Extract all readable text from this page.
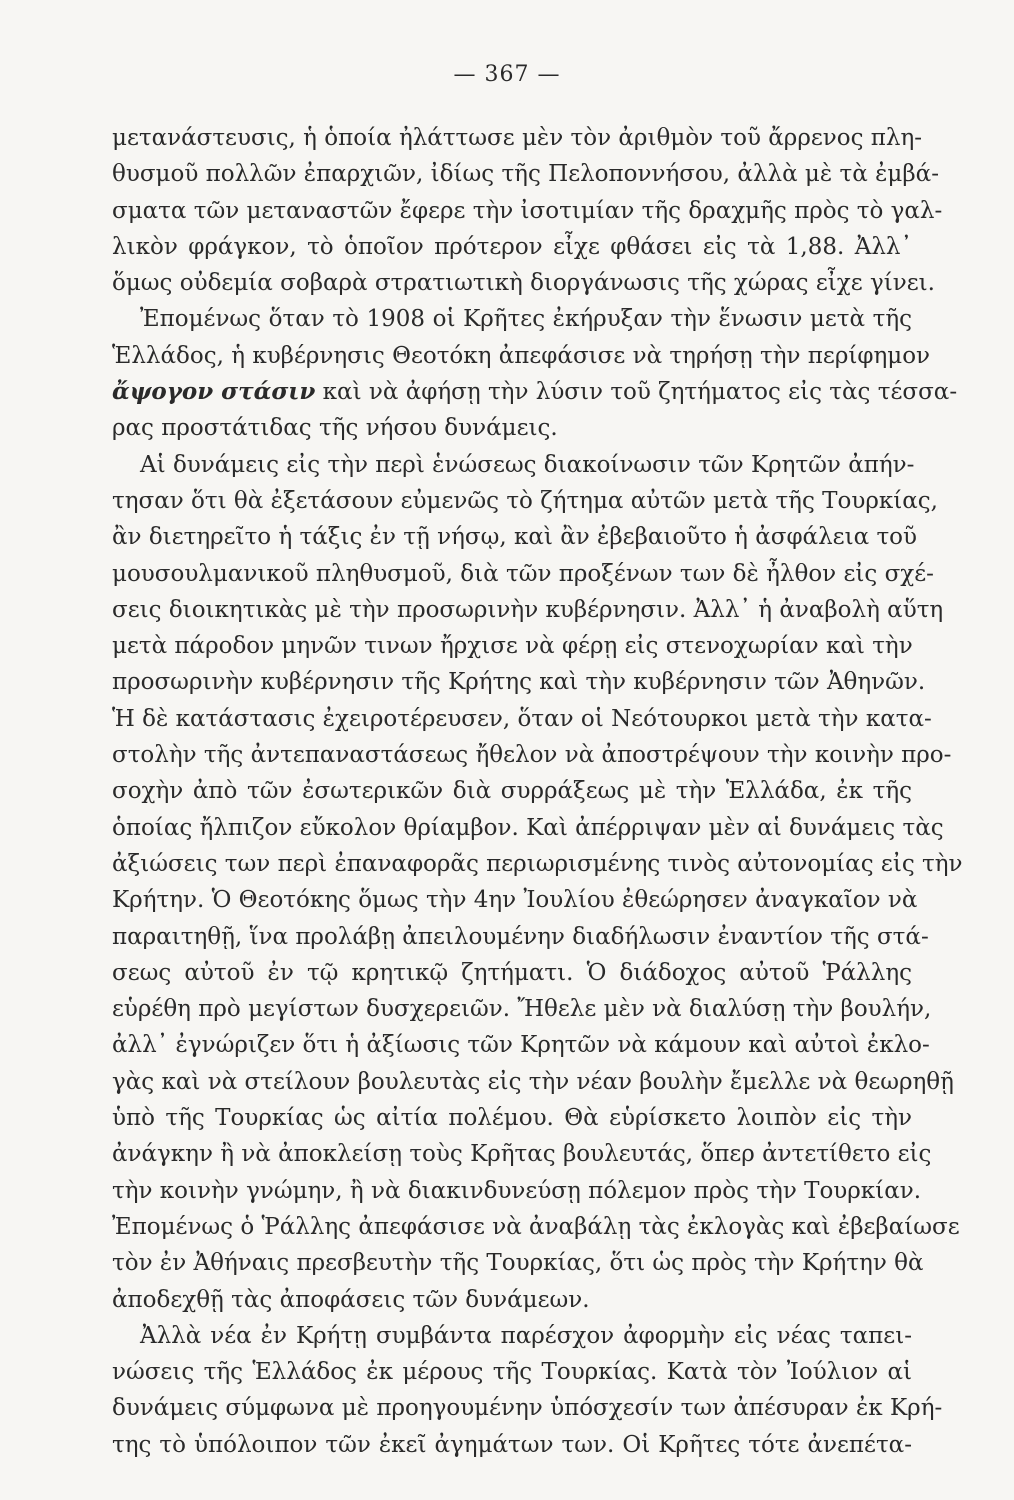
— 367 —
μετανάστευσις, ἡ ὁποία ἠλάττωσε μὲν τὸν ἀριθμὸν τοῦ ἄρρενος πλη-
θυσμοῦ πολλῶν ἐπαρχιῶν, ἰδίως τῆς Πελοποννήσου, ἀλλὰ μὲ τὰ ἐμβά-
σματα τῶν μεταναστῶν ἔφερε τὴν ἰσοτιμίαν τῆς δραχμῆς πρὸς τὸ γαλ-
λικὸν φράγκον, τὸ ὁποῖον πρότερον εἶχε φθάσει εἰς τὰ 1,88. Ἀλλ᾽
ὅμως οὐδεμία σοβαρὰ στρατιωτικὴ διοργάνωσις τῆς χώρας εἶχε γίνει.
Ἐπομένως ὅταν τὸ 1908 οἱ Κρῆτες ἐκήρυξαν τὴν ἕνωσιν μετὰ τῆς
Ἑλλάδος, ἡ κυβέρνησις Θεοτόκη ἀπεφάσισε νὰ τηρήσῃ τὴν περίφημον
ἄψογον στάσιν καὶ νὰ ἀφήσῃ τὴν λύσιν τοῦ ζητήματος εἰς τὰς τέσσα-
ρας προστάτιδας τῆς νήσου δυνάμεις.
Αἱ δυνάμεις εἰς τὴν περὶ ἑνώσεως διακοίνωσιν τῶν Κρητῶν ἀπήν-
τησαν ὅτι θὰ ἐξετάσουν εὐμενῶς τὸ ζήτημα αὐτῶν μετὰ τῆς Τουρκίας,
ἂν διετηρεῖτο ἡ τάξις ἐν τῇ νήσῳ, καὶ ἂν ἐβεβαιοῦτο ἡ ἀσφάλεια τοῦ
μουσουλμανικοῦ πληθυσμοῦ, διὰ τῶν προξένων των δὲ ἦλθον εἰς σχέ-
σεις διοικητικὰς μὲ τὴν προσωρινὴν κυβέρνησιν. Ἀλλ᾽ ἡ ἀναβολὴ αὕτη
μετὰ πάροδον μηνῶν τινων ἤρχισε νὰ φέρῃ εἰς στενοχωρίαν καὶ τὴν
προσωρινὴν κυβέρνησιν τῆς Κρήτης καὶ τὴν κυβέρνησιν τῶν Ἀθηνῶν.
Ἡ δὲ κατάστασις ἐχειροτέρευσεν, ὅταν οἱ Νεότουρκοι μετὰ τὴν κατα-
στολὴν τῆς ἀντεπαναστάσεως ἤθελον νὰ ἀποστρέψουν τὴν κοινὴν προ-
σοχὴν ἀπὸ τῶν ἐσωτερικῶν διὰ συρράξεως μὲ τὴν Ἑλλάδα, ἐκ τῆς
ὁποίας ἤλπιζον εὔκολον θρίαμβον. Καὶ ἀπέρριψαν μὲν αἱ δυνάμεις τὰς
ἀξιώσεις των περὶ ἐπαναφορᾶς περιωρισμένης τινὸς αὐτονομίας εἰς τὴν
Κρήτην. Ὁ Θεοτόκης ὅμως τὴν 4ην Ἰουλίου ἐθεώρησεν ἀναγκαῖον νὰ
παραιτηθῇ, ἵνα προλάβῃ ἀπειλουμένην διαδήλωσιν ἐναντίον τῆς στά-
σεως αὐτοῦ ἐν τῷ κρητικῷ ζητήματι. Ὁ διάδοχος αὐτοῦ Ῥάλλης
εὑρέθη πρὸ μεγίστων δυσχερειῶν. Ἤθελε μὲν νὰ διαλύσῃ τὴν βουλήν,
ἀλλ᾽ ἐγνώριζεν ὅτι ἡ ἀξίωσις τῶν Κρητῶν νὰ κάμουν καὶ αὐτοὶ ἐκλο-
γὰς καὶ νὰ στείλουν βουλευτὰς εἰς τὴν νέαν βουλὴν ἔμελλε νὰ θεωρηθῇ
ὑπὸ τῆς Τουρκίας ὡς αἰτία πολέμου. Θὰ εὑρίσκετο λοιπὸν εἰς τὴν
ἀνάγκην ἢ νὰ ἀποκλείσῃ τοὺς Κρῆτας βουλευτάς, ὅπερ ἀντετίθετο εἰς
τὴν κοινὴν γνώμην, ἢ νὰ διακινδυνεύσῃ πόλεμον πρὸς τὴν Τουρκίαν.
Ἐπομένως ὁ Ῥάλλης ἀπεφάσισε νὰ ἀναβάλῃ τὰς ἐκλογὰς καὶ ἐβεβαίωσε
τὸν ἐν Ἀθήναις πρεσβευτὴν τῆς Τουρκίας, ὅτι ὡς πρὸς τὴν Κρήτην θὰ
ἀποδεχθῇ τὰς ἀποφάσεις τῶν δυνάμεων.
Ἀλλὰ νέα ἐν Κρήτῃ συμβάντα παρέσχον ἀφορμὴν εἰς νέας ταπει-
νώσεις τῆς Ἑλλάδος ἐκ μέρους τῆς Τουρκίας. Κατὰ τὸν Ἰούλιον αἱ
δυνάμεις σύμφωνα μὲ προηγουμένην ὑπόσχεσίν των ἀπέσυραν ἐκ Κρή-
της τὸ ὑπόλοιπον τῶν ἐκεῖ ἀγημάτων των. Οἱ Κρῆτες τότε ἀνεπέτα-
